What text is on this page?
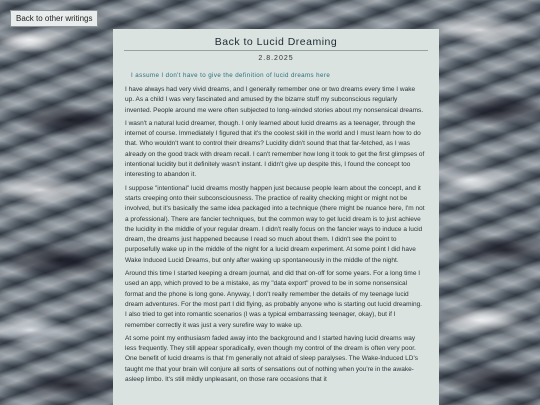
Back to other writings
Back to Lucid Dreaming
2.8.2025
I assume I don't have to give the definition of lucid dreams here

I have always had very vivid dreams, and I generally remember one or two dreams every time I wake up. As a child I was very fascinated and amused by the bizarre stuff my subconscious regularly invented. People around me were often subjected to long-winded stories about my nonsensical dreams.

I wasn't a natural lucid dreamer, though. I only learned about lucid dreams as a teenager, through the internet of course. Immediately I figured that it's the coolest skill in the world and I must learn how to do that. Who wouldn't want to control their dreams? Lucidity didn't sound that that far-fetched, as I was already on the good track with dream recall. I can't remember how long it took to get the first glimpses of intentional lucidity but it definitely wasn't instant. I didn't give up despite this, I found the concept too interesting to abandon it.

I suppose "intentional" lucid dreams mostly happen just because people learn about the concept, and it starts creeping onto their subconsciousness. The practice of reality checking might or might not be involved, but it's basically the same idea packaged into a technique (there might be nuance here, I'm not a professional). There are fancier techniques, but the common way to get lucid dream is to just achieve the lucidity in the middle of your regular dream. I didn't really focus on the fancier ways to induce a lucid dream, the dreams just happened because I read so much about them. I didn't see the point to purposefully wake up in the middle of the night for a lucid dream experiment. At some point I did have Wake Induced Lucid Dreams, but only after waking up spontaneously in the middle of the night.

Around this time I started keeping a dream journal, and did that on-off for some years. For a long time I used an app, which proved to be a mistake, as my "data export" proved to be in some nonsensical format and the phone is long gone. Anyway, I don't really remember the details of my teenage lucid dream adventures. For the most part I did flying, as probably anyone who is starting out lucid dreaming. I also tried to get into romantic scenarios (I was a typical embarrassing teenager, okay), but if I remember correctly it was just a very surefire way to wake up.

At some point my enthusiasm faded away into the background and I started having lucid dreams way less frequently. They still appear sporadically, even though my control of the dream is often very poor. One benefit of lucid dreams is that I'm generally not afraid of sleep paralyses. The Wake-Induced LD's taught me that your brain will conjure all sorts of sensations out of nothing when you're in the awake-asleep limbo. It's still mildly unpleasant, on those rare occasions that it
